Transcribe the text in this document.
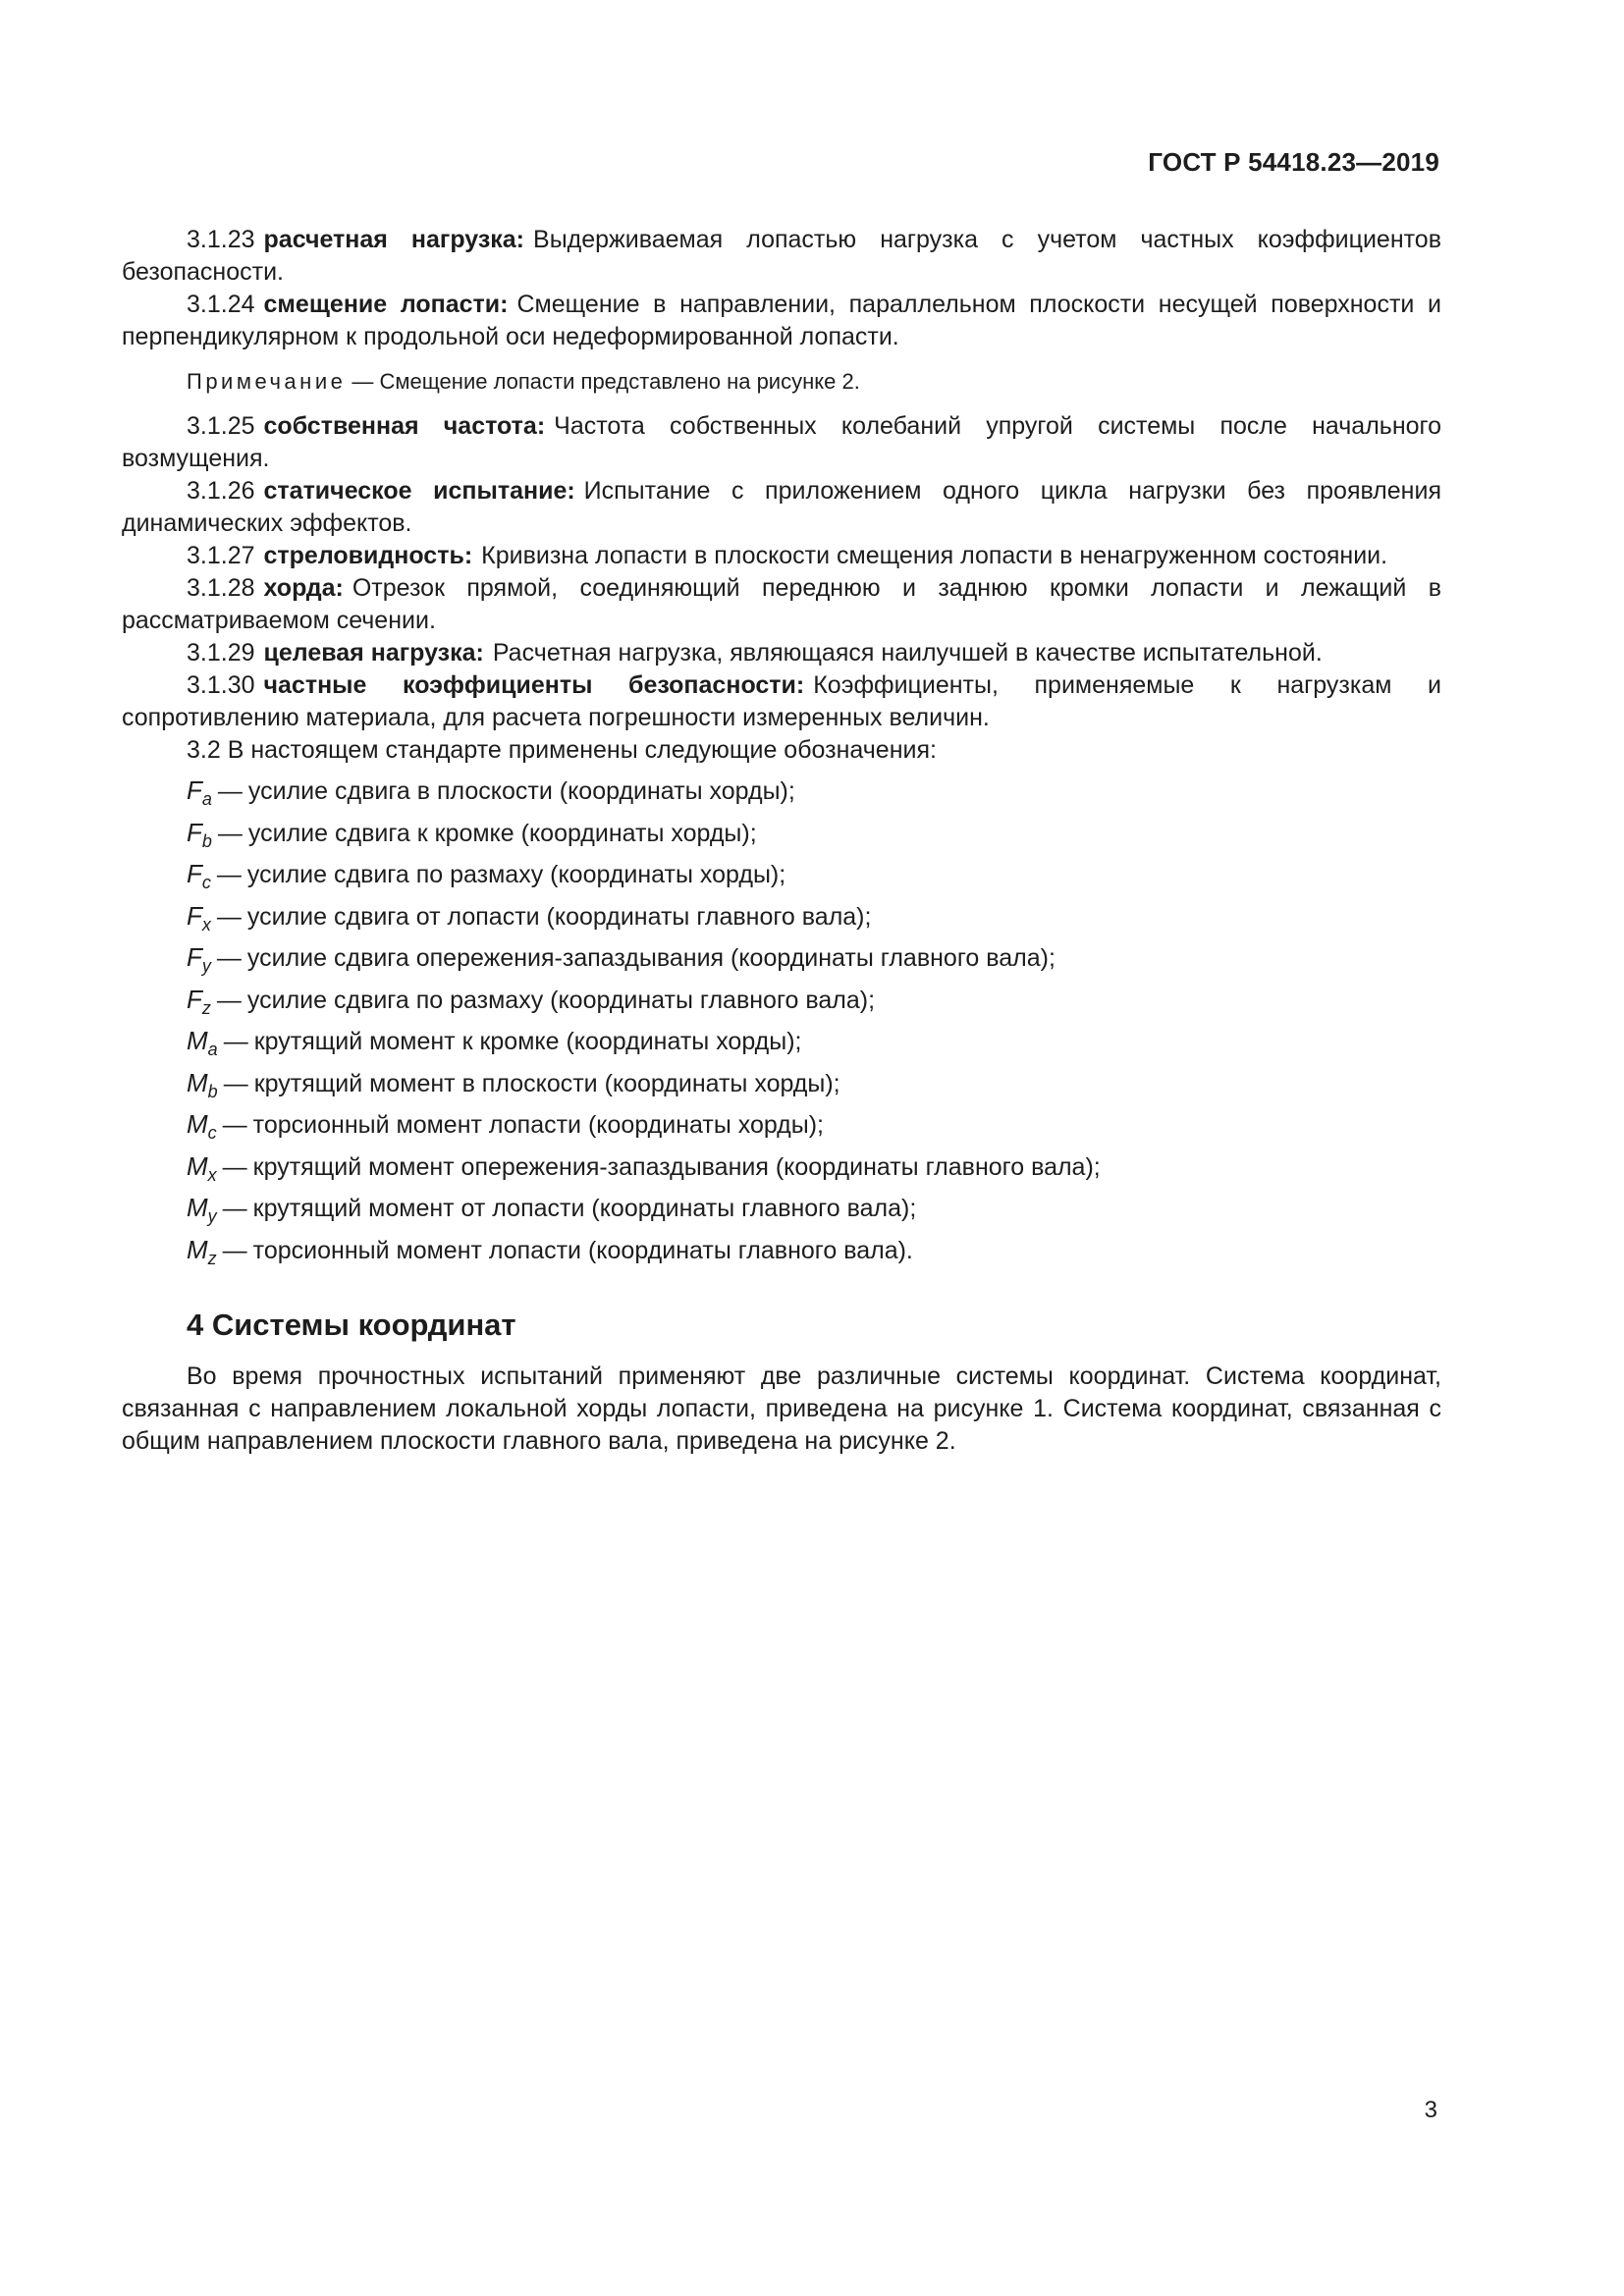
ГОСТ Р 54418.23—2019

3.1.23 расчетная нагрузка: Выдерживаемая лопастью нагрузка с учетом частных коэффициентов безопасности.

3.1.24 смещение лопасти: Смещение в направлении, параллельном плоскости несущей поверхности и перпендикулярном к продольной оси недеформированной лопасти.

Примечание — Смещение лопасти представлено на рисунке 2.

3.1.25 собственная частота: Частота собственных колебаний упругой системы после начального возмущения.

3.1.26 статическое испытание: Испытание с приложением одного цикла нагрузки без проявления динамических эффектов.

3.1.27 стреловидность: Кривизна лопасти в плоскости смещения лопасти в ненагруженном состоянии.

3.1.28 хорда: Отрезок прямой, соединяющий переднюю и заднюю кромки лопасти и лежащий в рассматриваемом сечении.

3.1.29 целевая нагрузка: Расчетная нагрузка, являющаяся наилучшей в качестве испытательной.

3.1.30 частные коэффициенты безопасности: Коэффициенты, применяемые к нагрузкам и сопротивлению материала, для расчета погрешности измеренных величин.

3.2 В настоящем стандарте применены следующие обозначения:

$F_a$ — усилие сдвига в плоскости (координаты хорды);
$F_b$ — усилие сдвига к кромке (координаты хорды);
$F_c$ — усилие сдвига по размаху (координаты хорды);
$F_x$ — усилие сдвига от лопасти (координаты главного вала);
$F_y$ — усилие сдвига опережения-запаздывания (координаты главного вала);
$F_z$ — усилие сдвига по размаху (координаты главного вала);
$M_a$ — крутящий момент к кромке (координаты хорды);
$M_b$ — крутящий момент в плоскости (координаты хорды);
$M_c$ — торсионный момент лопасти (координаты хорды);
$M_x$ — крутящий момент опережения-запаздывания (координаты главного вала);
$M_y$ — крутящий момент от лопасти (координаты главного вала);
$M_z$ — торсионный момент лопасти (координаты главного вала).
4 Системы координат

Во время прочностных испытаний применяют две различные системы координат. Система координат, связанная с направлением локальной хорды лопасти, приведена на рисунке 1. Система координат, связанная с общим направлением плоскости главного вала, приведена на рисунке 2.

3
